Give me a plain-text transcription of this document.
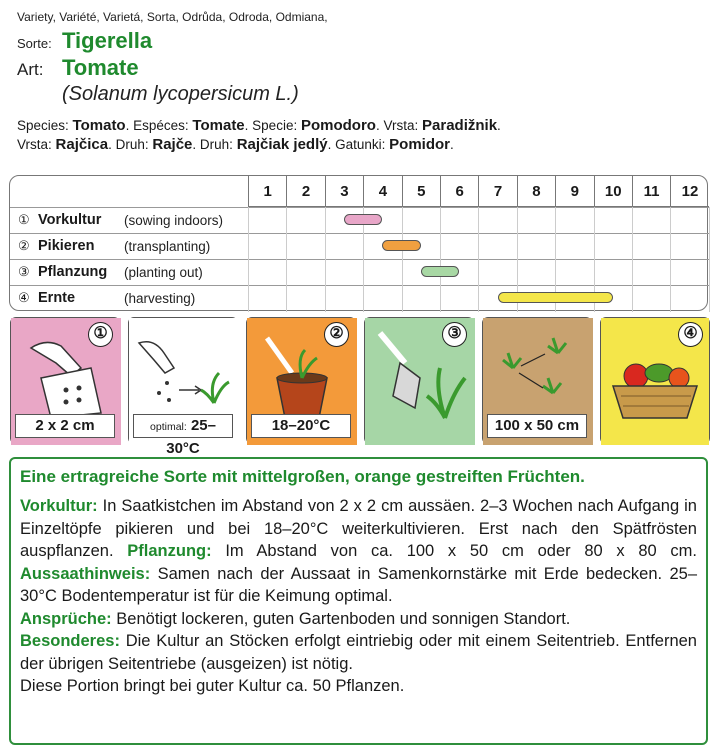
Variety, Variété, Varietá, Sorta, Odrůda, Odroda, Odmiana,
Sorte: Tigerella
Art: Tomate
(Solanum lycopersicum L.)
Species: Tomato. Espéces: Tomate. Specie: Pomodoro. Vrsta: Paradižnik.
Vrsta: Rajčica. Druh: Rajče. Druh: Rajčiak jedlý. Gatunki: Pomidor.
1	2	3	4	5	6	7	8	9	10	11	12
① Vorkultur	(sowing indoors)
② Pikieren	(transplanting)
③ Pflanzung	(planting out)
④ Ernte	(harvesting)
①
2 x 2 cm	optimal: 25–30°C
②
18–20°C
③
100 x 50 cm
④
Eine ertragreiche Sorte mit mittelgroßen, orange gestreiften Früchten.
Vorkultur: In Saatkistchen im Abstand von 2 x 2 cm aussäen. 2–3 Wochen nach Aufgang in Einzeltöpfe pikieren und bei 18–20°C weiterkultivieren. Erst nach den Spätfrösten auspflanzen. Pflanzung: Im Abstand von ca. 100 x 50 cm oder 80 x 80 cm. Aussaathinweis: Samen nach der Aussaat in Samenkornstärke mit Erde bedecken. 25–30°C Bodentemperatur ist für die Keimung optimal.
Ansprüche: Benötigt lockeren, guten Gartenboden und sonnigen Standort.
Besonderes: Die Kultur an Stöcken erfolgt eintriebig oder mit einem Seitentrieb. Entfernen der übrigen Seitentriebe (ausgeizen) ist nötig.
Diese Portion bringt bei guter Kultur ca. 50 Pflanzen.
